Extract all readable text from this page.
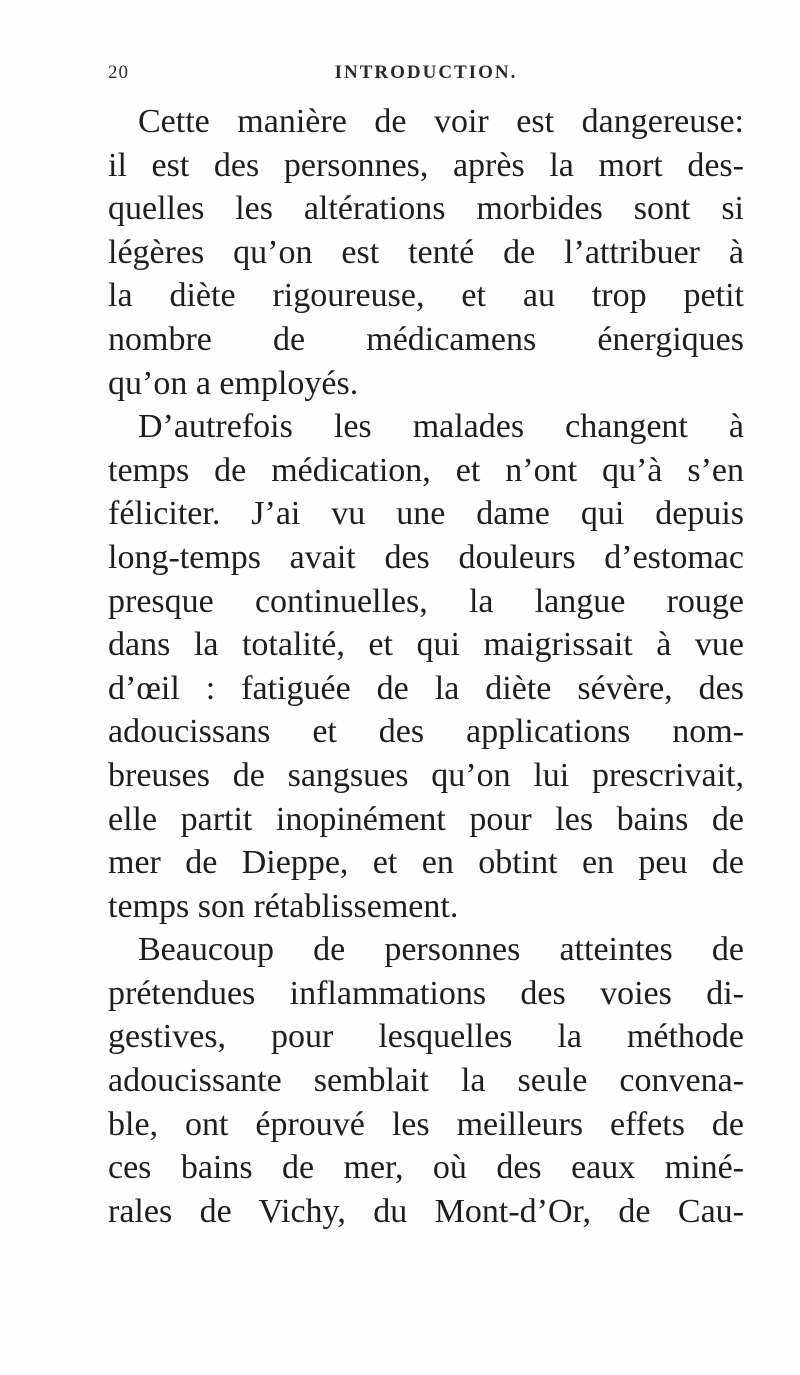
20	INTRODUCTION.
Cette manière de voir est dangereuse:
il est des personnes, après la mort des-
quelles les altérations morbides sont si
légères qu’on est tenté de l’attribuer à
la diète rigoureuse, et au trop petit
nombre de médicamens énergiques
qu’on a employés.
D’autrefois les malades changent à
temps de médication, et n’ont qu’à s’en
féliciter. J’ai vu une dame qui depuis
long-temps avait des douleurs d’estomac
presque continuelles, la langue rouge
dans la totalité, et qui maigrissait à vue
d’œil : fatiguée de la diète sévère, des
adoucissans et des applications nom-
breuses de sangsues qu’on lui prescrivait,
elle partit inopinément pour les bains de
mer de Dieppe, et en obtint en peu de
temps son rétablissement.
Beaucoup de personnes atteintes de
prétendues inflammations des voies di-
gestives, pour lesquelles la méthode
adoucissante semblait la seule convena-
ble, ont éprouvé les meilleurs effets de
ces bains de mer, où des eaux miné-
rales de Vichy, du Mont-d’Or, de Cau-
